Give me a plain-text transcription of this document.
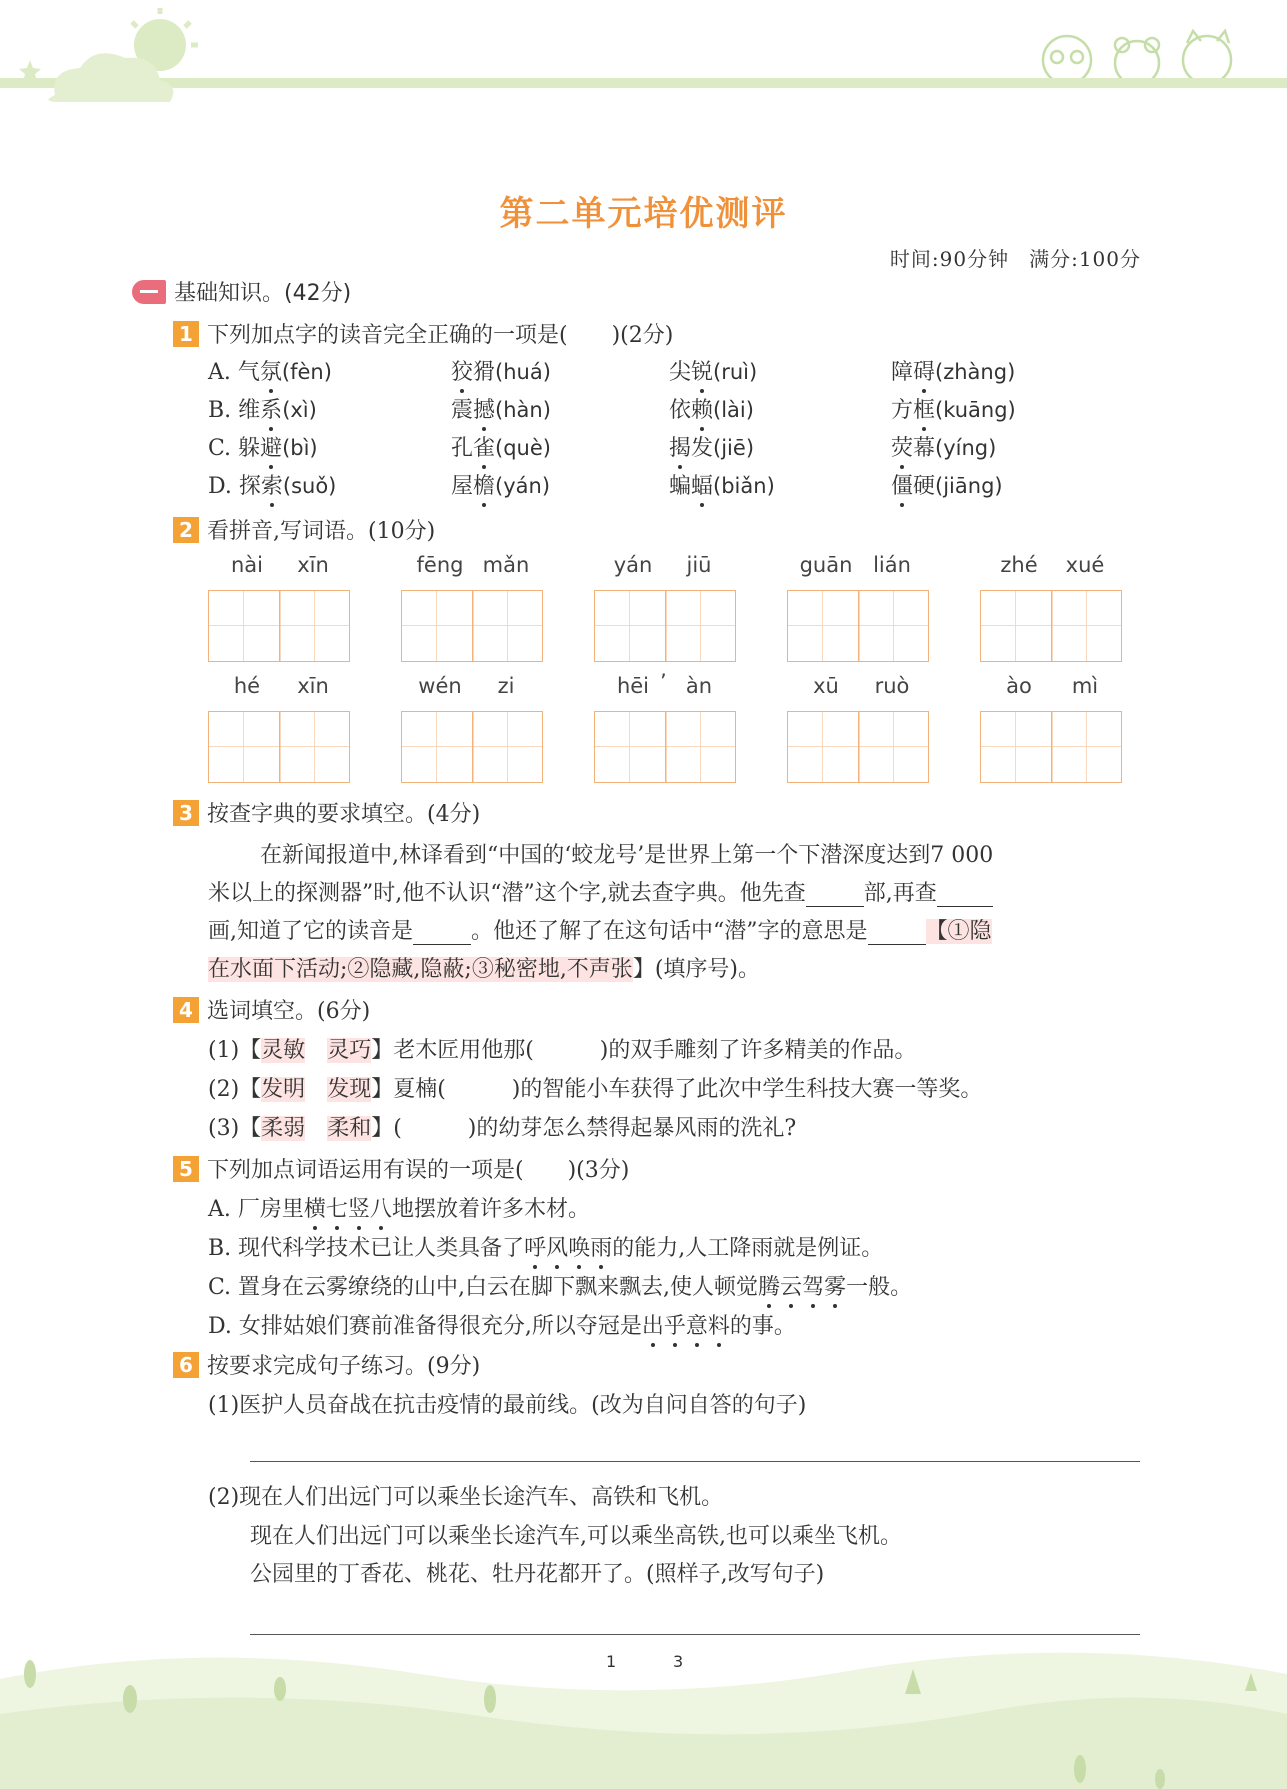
第二单元培优测评
时间:90分钟 满分:100分
基础知识。(42分)
1 下列加点字的读音完全正确的一项是(　　)(2分)
A. 气氛(fèn)	狡猾(huá)	尖锐(ruì)	障碍(zhàng)
B. 维系(xì)	震撼(hàn)	依赖(lài)	方框(kuāng)
C. 躲避(bì)	孔雀(què)	揭发(jiē)	荧幕(yíng)
D. 探索(suǒ)	屋檐(yán)	蝙蝠(biǎn)	僵硬(jiāng)
2 看拼音,写词语。(10分)
nài xīn	fēng mǎn	yán jiū	guān lián	zhé xué
hé xīn	wén zi	hēi ’ àn	xū ruò	ào mì
3 按查字典的要求填空。(4分)
在新闻报道中,林译看到“中国的‘蛟龙号’是世界上第一个下潜深度达到7 000
米以上的探测器”时,他不认识“潜”这个字,就去查字典。他先查	部,再查
画,知道了它的读音是	。他还了解了在这句话中“潜”字的意思是	【①隐
在水面下活动;②隐藏,隐蔽;③秘密地,不声张】(填序号)。
4 选词填空。(6分)
(1)【灵敏　 灵巧】老木匠用他那(　　　)的双手雕刻了许多精美的作品。
(2)【发明　 发现】夏楠(　　　)的智能小车获得了此次中学生科技大赛一等奖。
(3)【柔弱　 柔和】(　　　)的幼芽怎么禁得起暴风雨的洗礼?
5 下列加点词语运用有误的一项是(　　)(3分)
A. 厂房里横七竖八地摆放着许多木材。
B. 现代科学技术已让人类具备了呼风唤雨的能力,人工降雨就是例证。
C. 置身在云雾缭绕的山中,白云在脚下飘来飘去,使人顿觉腾云驾雾一般。
D. 女排姑娘们赛前准备得很充分,所以夺冠是出乎意料的事。
6 按要求完成句子练习。(9分)
(1)医护人员奋战在抗击疫情的最前线。(改为自问自答的句子)
(2)现在人们出远门可以乘坐长途汽车、高铁和飞机。
现在人们出远门可以乘坐长途汽车,可以乘坐高铁,也可以乘坐飞机。
公园里的丁香花、桃花、牡丹花都开了。(照样子,改写句子)
1	3
